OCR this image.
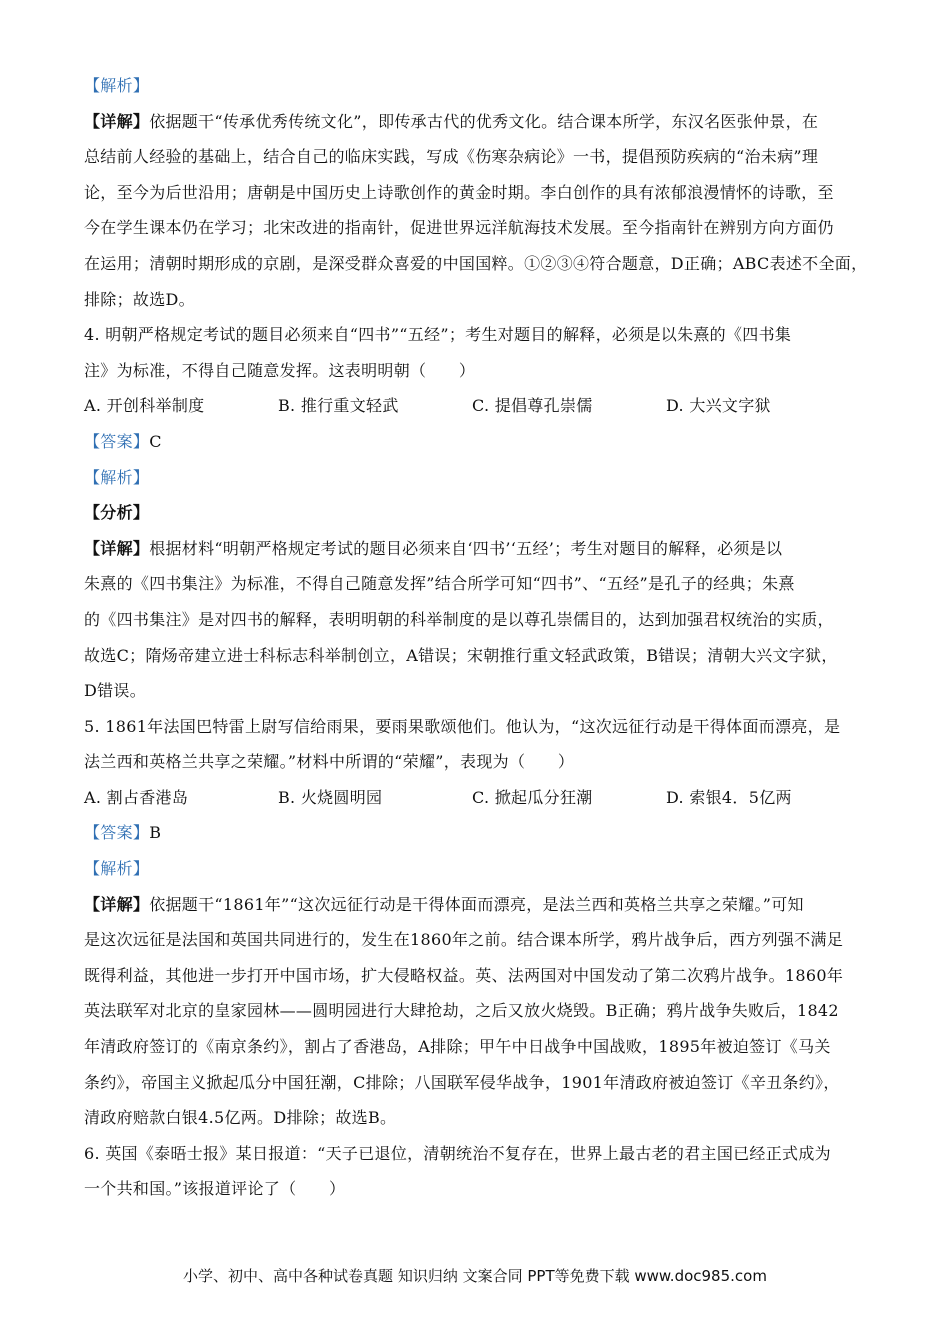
【解析】
【详解】依据题干“传承优秀传统文化”，即传承古代的优秀文化。结合课本所学，东汉名医张仲景，在
总结前人经验的基础上，结合自己的临床实践，写成《伤寒杂病论》一书，提倡预防疾病的“治未病”理
论，至今为后世沿用；唐朝是中国历史上诗歌创作的黄金时期。李白创作的具有浓郁浪漫情怀的诗歌，至
今在学生课本仍在学习；北宋改进的指南针，促进世界远洋航海技术发展。至今指南针在辨别方向方面仍
在运用；清朝时期形成的京剧，是深受群众喜爱的中国国粹。①②③④符合题意，D正确；ABC表述不全面，
排除；故选D。
4. 明朝严格规定考试的题目必须来自“四书”“五经”；考生对题目的解释，必须是以朱熹的《四书集
注》为标准，不得自己随意发挥。这表明明朝（　　）
A. 开创科举制度	B. 推行重文轻武	C. 提倡尊孔崇儒	D. 大兴文字狱
【答案】C
【解析】
【分析】
【详解】根据材料“明朝严格规定考试的题目必须来自‘四书’‘五经’；考生对题目的解释，必须是以
朱熹的《四书集注》为标准，不得自己随意发挥”结合所学可知“四书”、“五经”是孔子的经典；朱熹
的《四书集注》是对四书的解释，表明明朝的科举制度的是以尊孔崇儒目的，达到加强君权统治的实质，
故选C；隋炀帝建立进士科标志科举制创立，A错误；宋朝推行重文轻武政策，B错误；清朝大兴文字狱，
D错误。
5. 1861年法国巴特雷上尉写信给雨果，要雨果歌颂他们。他认为，“这次远征行动是干得体面而漂亮，是
法兰西和英格兰共享之荣耀。”材料中所谓的“荣耀”，表现为（　　）
A. 割占香港岛	B. 火烧圆明园	C. 掀起瓜分狂潮	D. 索银4．5亿两
【答案】B
【解析】
【详解】依据题干“1861年”“这次远征行动是干得体面而漂亮，是法兰西和英格兰共享之荣耀。”可知
是这次远征是法国和英国共同进行的，发生在1860年之前。结合课本所学，鸦片战争后，西方列强不满足
既得利益，其他进一步打开中国市场，扩大侵略权益。英、法两国对中国发动了第二次鸦片战争。1860年
英法联军对北京的皇家园林——圆明园进行大肆抢劫，之后又放火烧毁。B正确；鸦片战争失败后，1842
年清政府签订的《南京条约》，割占了香港岛，A排除；甲午中日战争中国战败，1895年被迫签订《马关
条约》，帝国主义掀起瓜分中国狂潮，C排除；八国联军侵华战争，1901年清政府被迫签订《辛丑条约》，
清政府赔款白银4.5亿两。D排除；故选B。
6. 英国《泰晤士报》某日报道：“天子已退位，清朝统治不复存在，世界上最古老的君主国已经正式成为
一个共和国。”该报道评论了（　　）
小学、初中、高中各种试卷真题 知识归纳 文案合同 PPT等免费下载 www.doc985.com
